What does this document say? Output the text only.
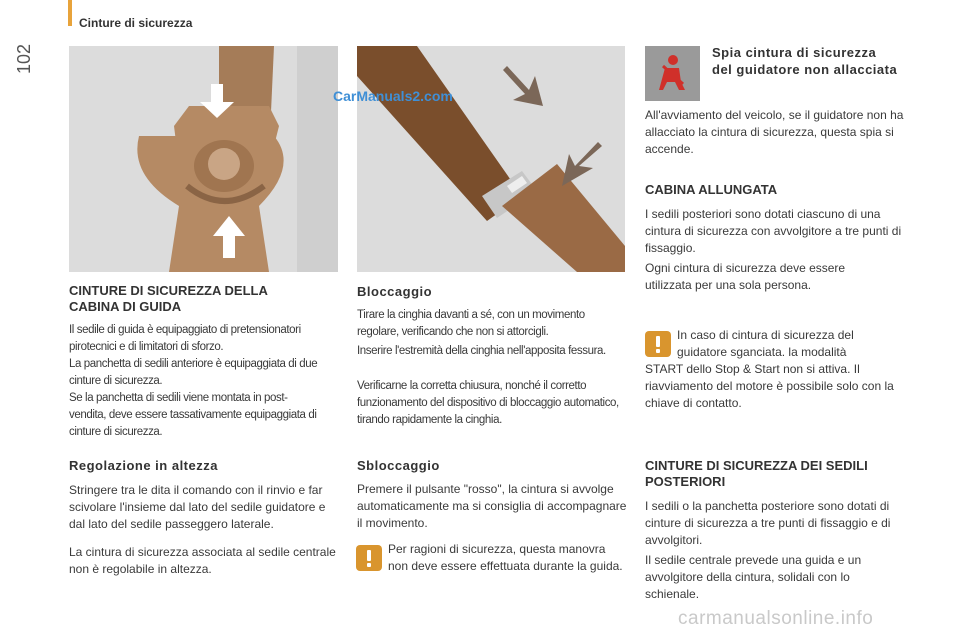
Cinture di sicurezza
102
CarManuals2.com
CINTURE DI SICUREZZA DELLA
CABINA DI GUIDA

Il sedile di guida è equipaggiato di pretensionatori pirotecnici e di limitatori di sforzo.

La panchetta di sedili anteriore è equipaggiata di due cinture di sicurezza.

Se la panchetta di sedili viene montata in post-vendita, deve essere tassativamente equipaggiata di cinture di sicurezza.

Regolazione in altezza

Stringere tra le dita il comando con il rinvio e far scivolare l'insieme dal lato del sedile guidatore e dal lato del sedile passeggero laterale.

La cintura di sicurezza associata al sedile centrale non è regolabile in altezza.

Bloccaggio

Tirare la cinghia davanti a sé, con un movimento regolare, verificando che non si attorcigli.

Inserire l'estremità della cinghia nell'apposita fessura.

Verificarne la corretta chiusura, nonché il corretto funzionamento del dispositivo di bloccaggio automatico, tirando rapidamente la cinghia.

Sbloccaggio

Premere il pulsante "rosso", la cintura si avvolge automaticamente ma si consiglia di accompagnare il movimento.

Per ragioni di sicurezza, questa manovra non deve essere effettuata durante la guida.

Spia cintura di sicurezza
del guidatore non allacciata

All'avviamento del veicolo, se il guidatore non ha allacciato la cintura di sicurezza, questa spia si accende.

CABINA ALLUNGATA

I sedili posteriori sono dotati ciascuno di una cintura di sicurezza con avvolgitore a tre punti di fissaggio.

Ogni cintura di sicurezza deve essere utilizzata per una sola persona.

In caso di cintura di sicurezza del
guidatore sganciata. la modalità

START dello Stop & Start non si attiva. Il riavviamento del motore è possibile solo con la chiave di contatto.

CINTURE DI SICUREZZA DEI SEDILI
POSTERIORI

I sedili o la panchetta posteriore sono dotati di cinture di sicurezza a tre punti di fissaggio e di avvolgitori.

Il sedile centrale prevede una guida e un avvolgitore della cintura, solidali con lo schienale.

carmanualsonline.info
